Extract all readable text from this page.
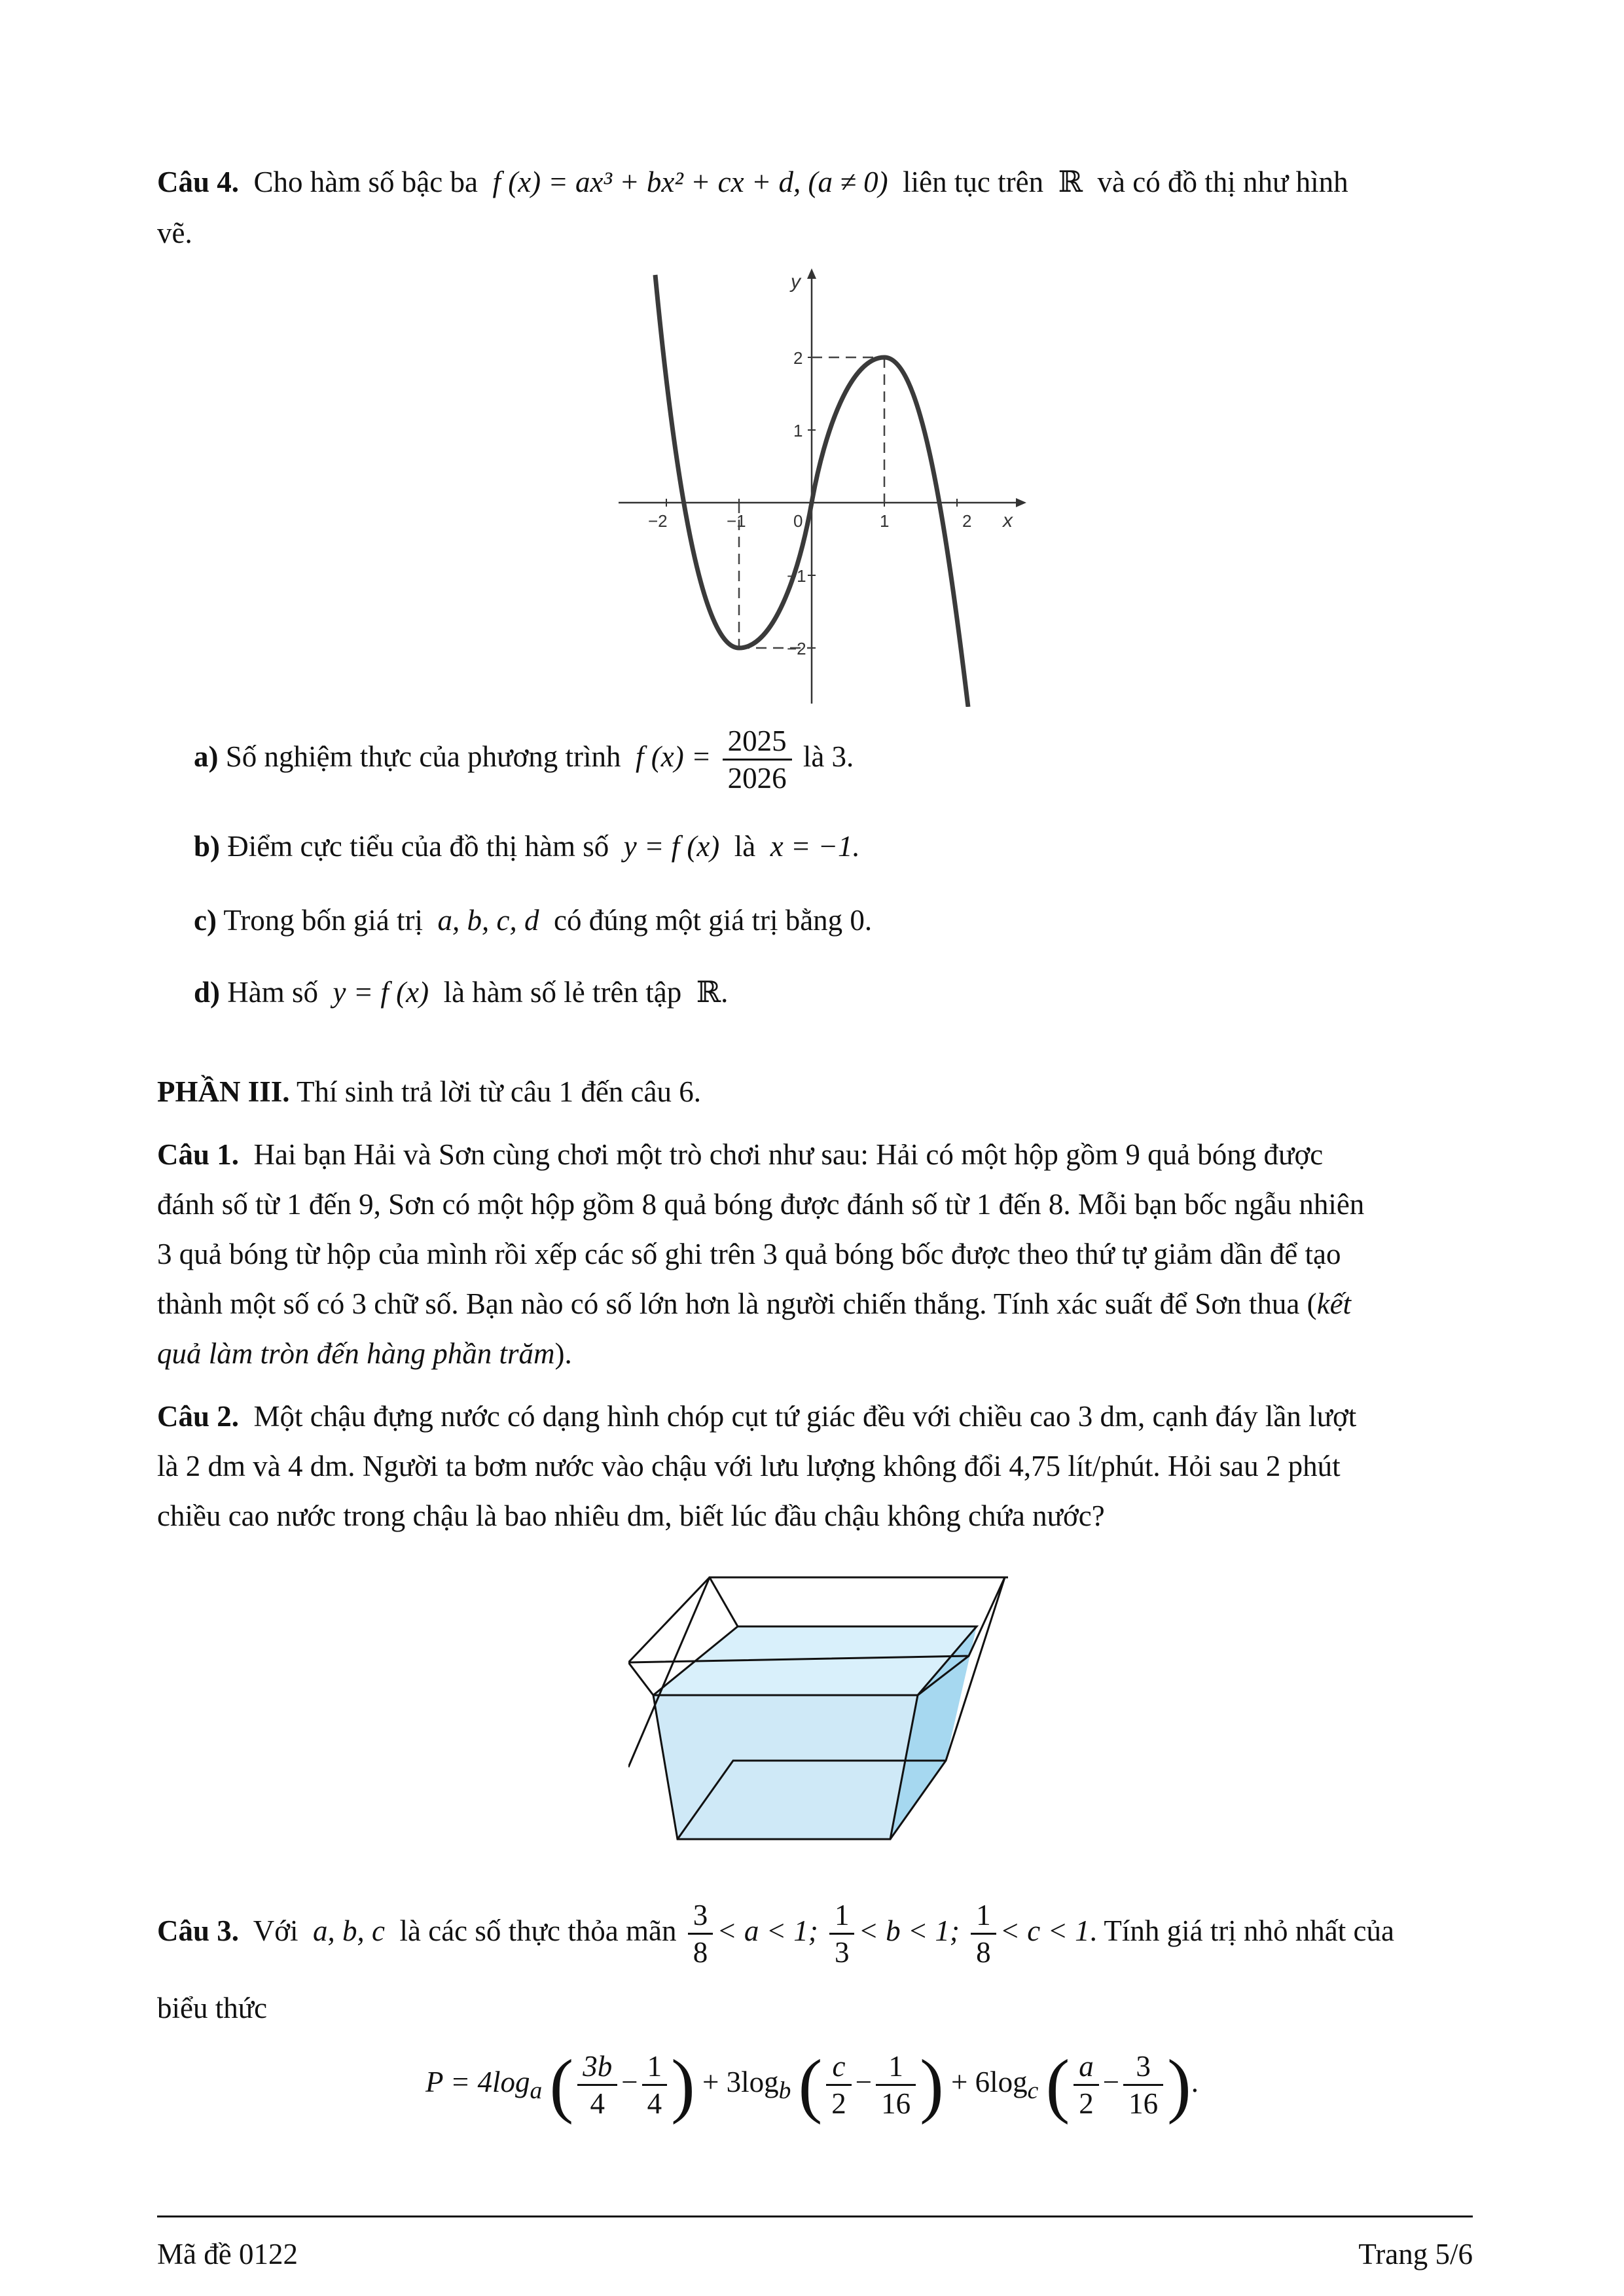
Câu 4. Cho hàm số bậc ba f (x) = ax³ + bx² + cx + d, (a ≠ 0) liên tục trên ℝ và có đồ thị như hình
vẽ.
x
y
−2	−1	0	1	2
2
1
−1
−2
a) Số nghiệm thực của phương trình f $(x) = \frac{2025}{2026}$ là 3.
b) Điểm cực tiểu của đồ thị hàm số y = f (x) là x = −1.
c) Trong bốn giá trị a, b, c, d có đúng một giá trị bằng 0.
d) Hàm số y = f (x) là hàm số lẻ trên tập ℝ.
PHẦN III. Thí sinh trả lời từ câu 1 đến câu 6.
Câu 1. Hai bạn Hải và Sơn cùng chơi một trò chơi như sau: Hải có một hộp gồm 9 quả bóng được
đánh số từ 1 đến 9, Sơn có một hộp gồm 8 quả bóng được đánh số từ 1 đến 8. Mỗi bạn bốc ngẫu nhiên
3 quả bóng từ hộp của mình rồi xếp các số ghi trên 3 quả bóng bốc được theo thứ tự giảm dần để tạo
thành một số có 3 chữ số. Bạn nào có số lớn hơn là người chiến thắng. Tính xác suất để Sơn thua (kết
quả làm tròn đến hàng phần trăm).
Câu 2. Một chậu đựng nước có dạng hình chóp cụt tứ giác đều với chiều cao 3 dm, cạnh đáy lần lượt
là 2 dm và 4 dm. Người ta bơm nước vào chậu với lưu lượng không đổi 4,75 lít/phút. Hỏi sau 2 phút
chiều cao nước trong chậu là bao nhiêu dm, biết lúc đầu chậu không chứa nước?
Câu 3. Với a, b, c là các số thực thỏa mãn $\frac{3}{8} < a < 1$; $\frac{1}{3} < b < 1$; $\frac{1}{8} < c < 1$. Tính giá trị nhỏ nhất của
biểu thức
$P = 4\log_a$ ( $\frac{3b}{4} - \frac{1}{4}$ ) + $3\log_b$ ( $\frac{c}{2} - \frac{1}{16}$ ) + $6\log_c$ ( $\frac{a}{2} - \frac{3}{16}$ ).
Mã đề 0122	Trang 5/6
